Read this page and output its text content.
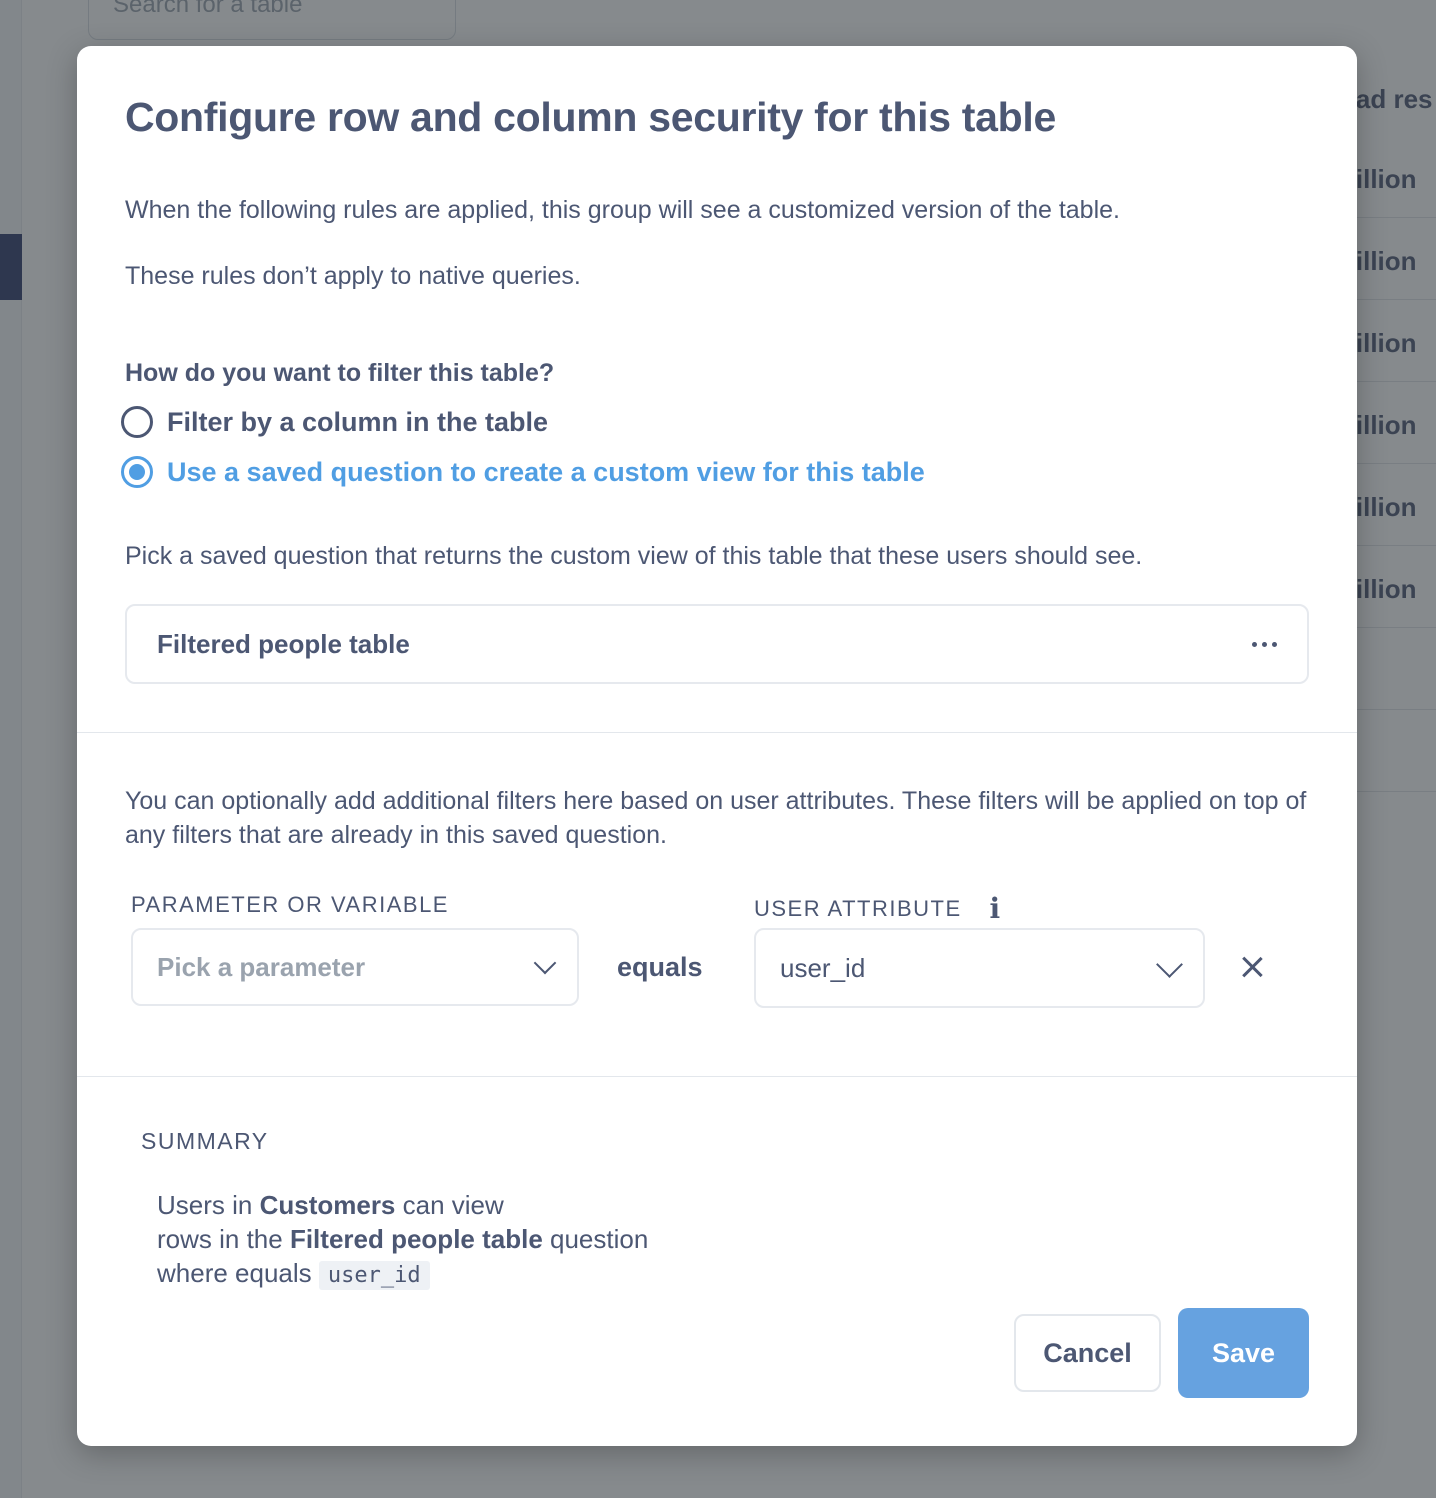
Configure row and column security for this table

When the following rules are applied, this group will see a customized version of the table.

These rules don’t apply to native queries.

How do you want to filter this table?
Filter by a column in the table
Use a saved question to create a custom view for this table

Pick a saved question that returns the custom view of this table that these users should see.

Filtered people table

You can optionally add additional filters here based on user attributes. These filters will be applied on top of any filters that are already in this saved question.

PARAMETER OR VARIABLE	USER ATTRIBUTE i
Pick a parameter	equals	user_id
SUMMARY
Users in Customers can view
rows in the Filtered people table question
where equals user_id
Cancel	Save
